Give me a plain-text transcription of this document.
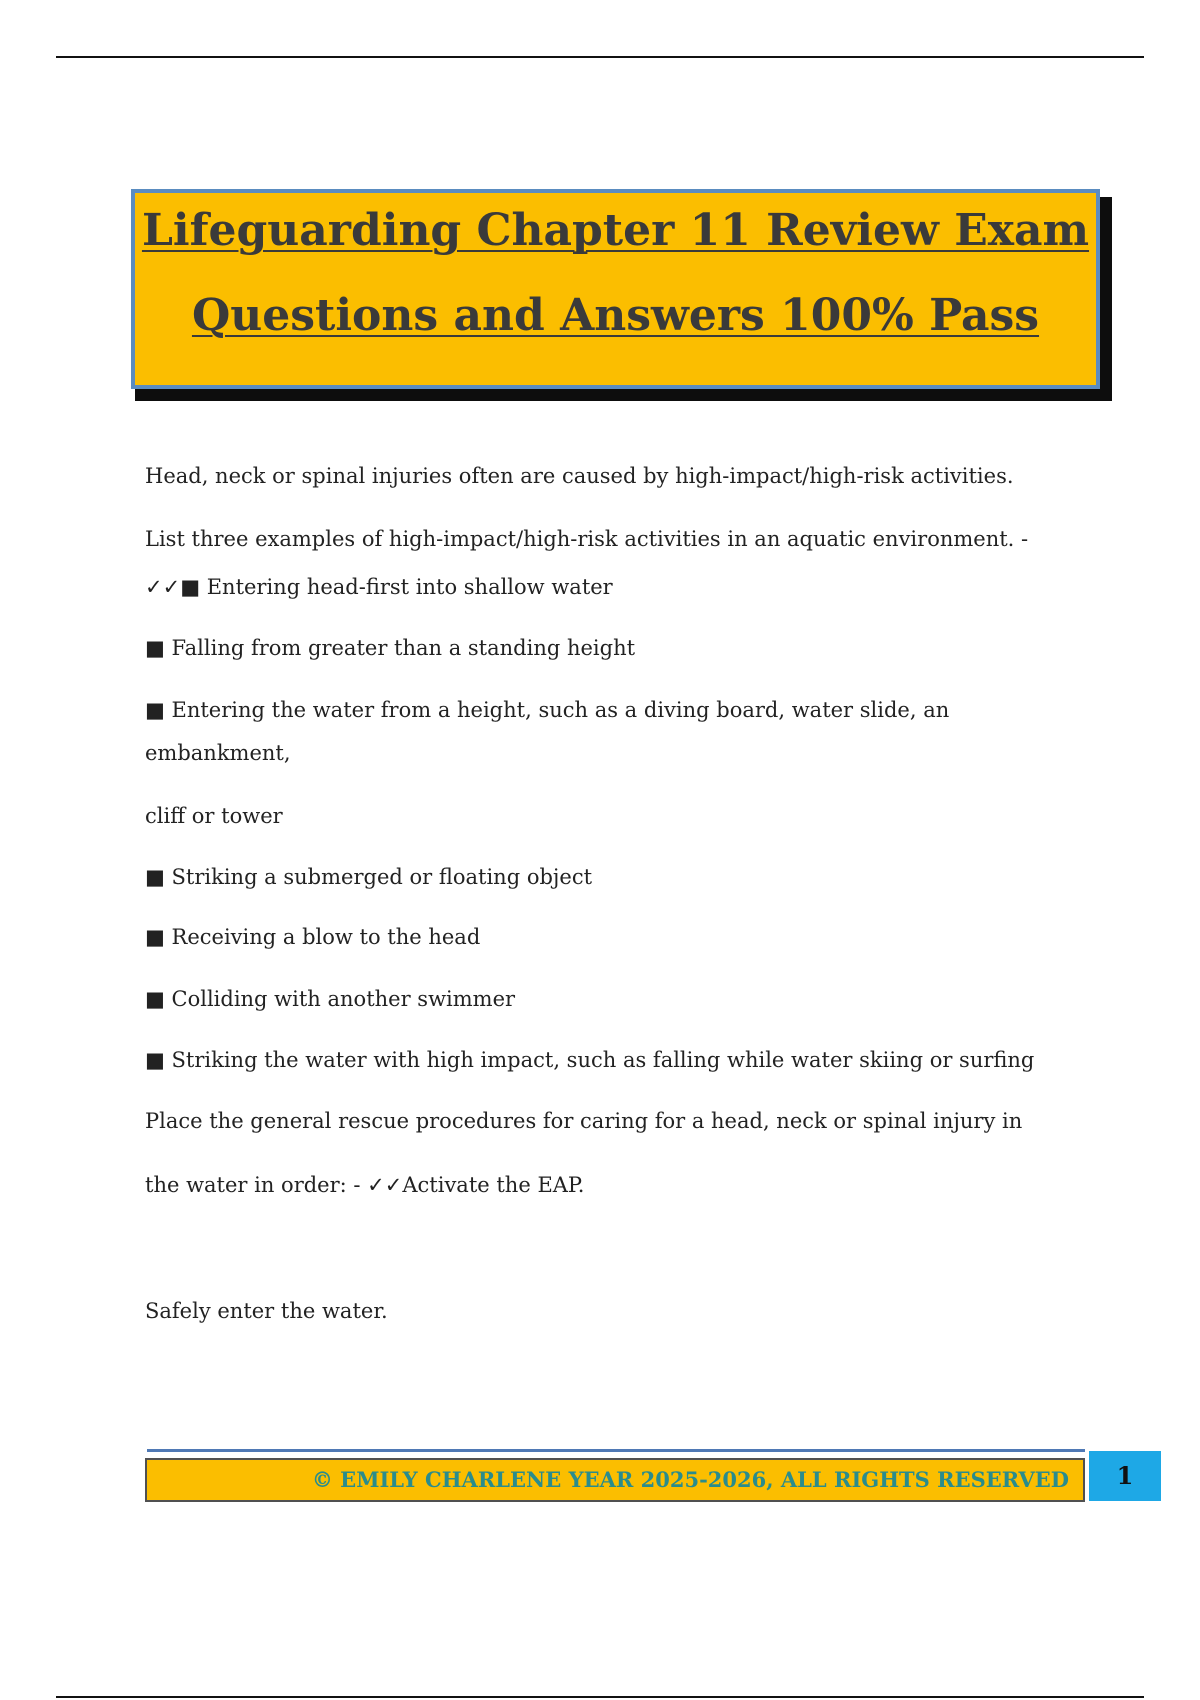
Lifeguarding Chapter 11 Review Exam
Questions and Answers 100% Pass

Head, neck or spinal injuries often are caused by high-impact/high-risk activities.

List three examples of high-impact/high-risk activities in an aquatic environment. -

✓✓■ Entering head-first into shallow water

■ Falling from greater than a standing height

■ Entering the water from a height, such as a diving board, water slide, an

embankment,

cliff or tower

■ Striking a submerged or floating object

■ Receiving a blow to the head

■ Colliding with another swimmer

■ Striking the water with high impact, such as falling while water skiing or surfing

Place the general rescue procedures for caring for a head, neck or spinal injury in

the water in order: - ✓✓Activate the EAP.

Safely enter the water.

© EMILY CHARLENE YEAR 2025-2026, ALL RIGHTS RESERVED	1
